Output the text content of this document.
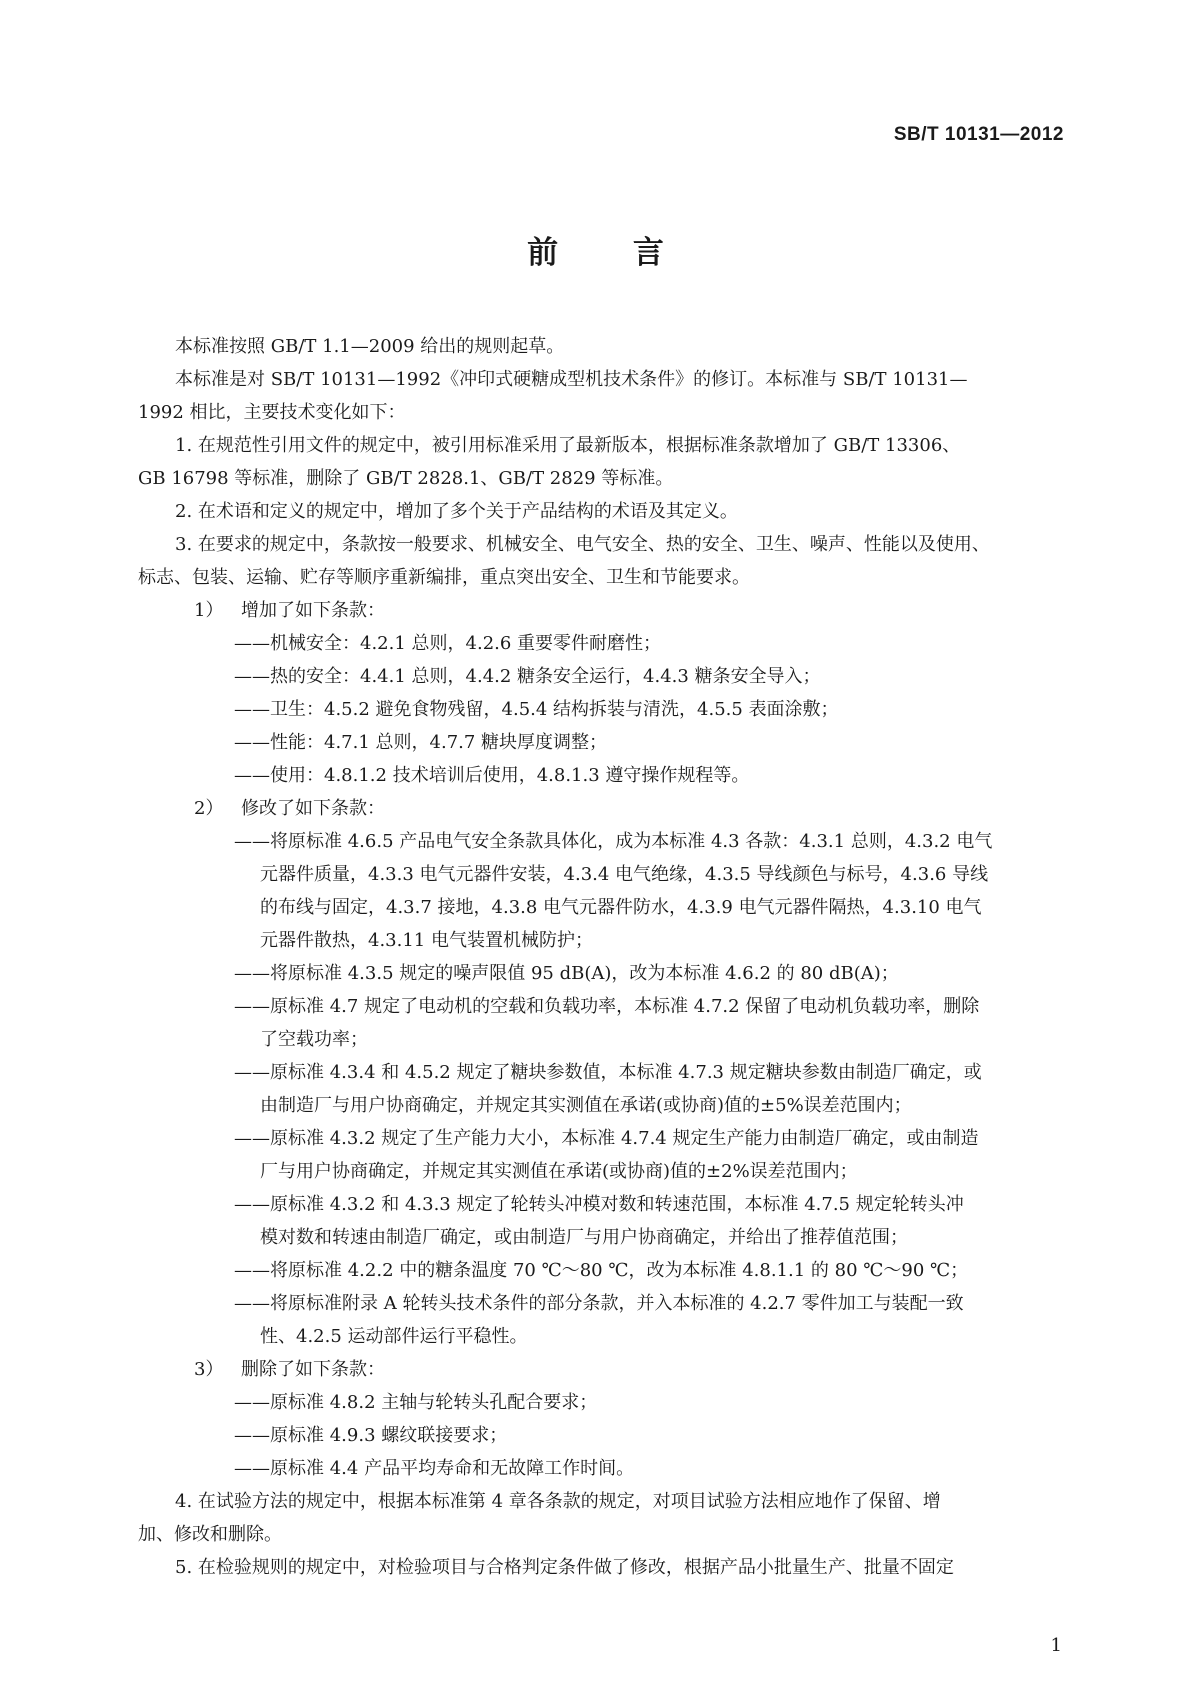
SB/T 10131—2012
前 言
本标准按照 GB/T 1.1—2009 给出的规则起草。
本标准是对 SB/T 10131—1992《冲印式硬糖成型机技术条件》的修订。本标准与 SB/T 10131—
1992 相比，主要技术变化如下：
1. 在规范性引用文件的规定中，被引用标准采用了最新版本，根据标准条款增加了 GB/T 13306、
GB 16798 等标准，删除了 GB/T 2828.1、GB/T 2829 等标准。
2. 在术语和定义的规定中，增加了多个关于产品结构的术语及其定义。
3. 在要求的规定中，条款按一般要求、机械安全、电气安全、热的安全、卫生、噪声、性能以及使用、
标志、包装、运输、贮存等顺序重新编排，重点突出安全、卫生和节能要求。
1） 增加了如下条款：
——机械安全：4.2.1 总则，4.2.6 重要零件耐磨性；
——热的安全：4.4.1 总则，4.4.2 糖条安全运行，4.4.3 糖条安全导入；
——卫生：4.5.2 避免食物残留，4.5.4 结构拆装与清洗，4.5.5 表面涂敷；
——性能：4.7.1 总则，4.7.7 糖块厚度调整；
——使用：4.8.1.2 技术培训后使用，4.8.1.3 遵守操作规程等。
2） 修改了如下条款：
——将原标准 4.6.5 产品电气安全条款具体化，成为本标准 4.3 各款：4.3.1 总则，4.3.2 电气
元器件质量，4.3.3 电气元器件安装，4.3.4 电气绝缘，4.3.5 导线颜色与标号，4.3.6 导线
的布线与固定，4.3.7 接地，4.3.8 电气元器件防水，4.3.9 电气元器件隔热，4.3.10 电气
元器件散热，4.3.11 电气装置机械防护；
——将原标准 4.3.5 规定的噪声限值 95 dB(A)，改为本标准 4.6.2 的 80 dB(A)；
——原标准 4.7 规定了电动机的空载和负载功率，本标准 4.7.2 保留了电动机负载功率，删除
了空载功率；
——原标准 4.3.4 和 4.5.2 规定了糖块参数值，本标准 4.7.3 规定糖块参数由制造厂确定，或
由制造厂与用户协商确定，并规定其实测值在承诺(或协商)值的±5%误差范围内；
——原标准 4.3.2 规定了生产能力大小，本标准 4.7.4 规定生产能力由制造厂确定，或由制造
厂与用户协商确定，并规定其实测值在承诺(或协商)值的±2%误差范围内；
——原标准 4.3.2 和 4.3.3 规定了轮转头冲模对数和转速范围，本标准 4.7.5 规定轮转头冲
模对数和转速由制造厂确定，或由制造厂与用户协商确定，并给出了推荐值范围；
——将原标准 4.2.2 中的糖条温度 70 ℃～80 ℃，改为本标准 4.8.1.1 的 80 ℃～90 ℃；
——将原标准附录 A 轮转头技术条件的部分条款，并入本标准的 4.2.7 零件加工与装配一致
性、4.2.5 运动部件运行平稳性。
3） 删除了如下条款：
——原标准 4.8.2 主轴与轮转头孔配合要求；
——原标准 4.9.3 螺纹联接要求；
——原标准 4.4 产品平均寿命和无故障工作时间。
4. 在试验方法的规定中，根据本标准第 4 章各条款的规定，对项目试验方法相应地作了保留、增
加、修改和删除。
5. 在检验规则的规定中，对检验项目与合格判定条件做了修改，根据产品小批量生产、批量不固定
1
